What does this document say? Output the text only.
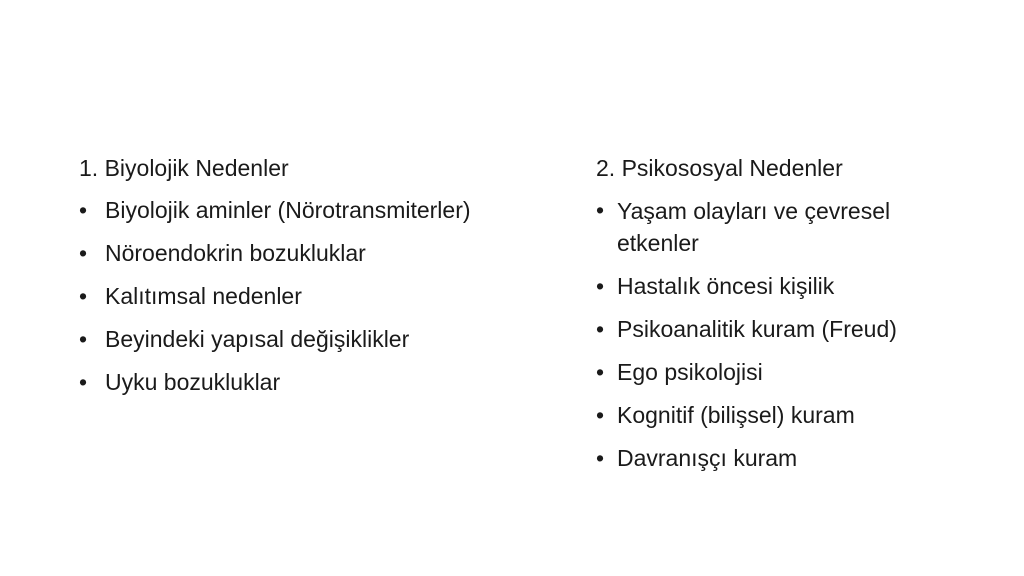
1. Biyolojik Nedenler
• Biyolojik aminler (Nörotransmiterler)
• Nöroendokrin bozukluklar
• Kalıtımsal nedenler
• Beyindeki yapısal değişiklikler
• Uyku bozukluklar
2. Psikososyal Nedenler
• Yaşam olayları ve çevresel etkenler
• Hastalık öncesi kişilik
• Psikoanalitik kuram (Freud)
• Ego psikolojisi
• Kognitif (bilişsel) kuram
• Davranışçı kuram
